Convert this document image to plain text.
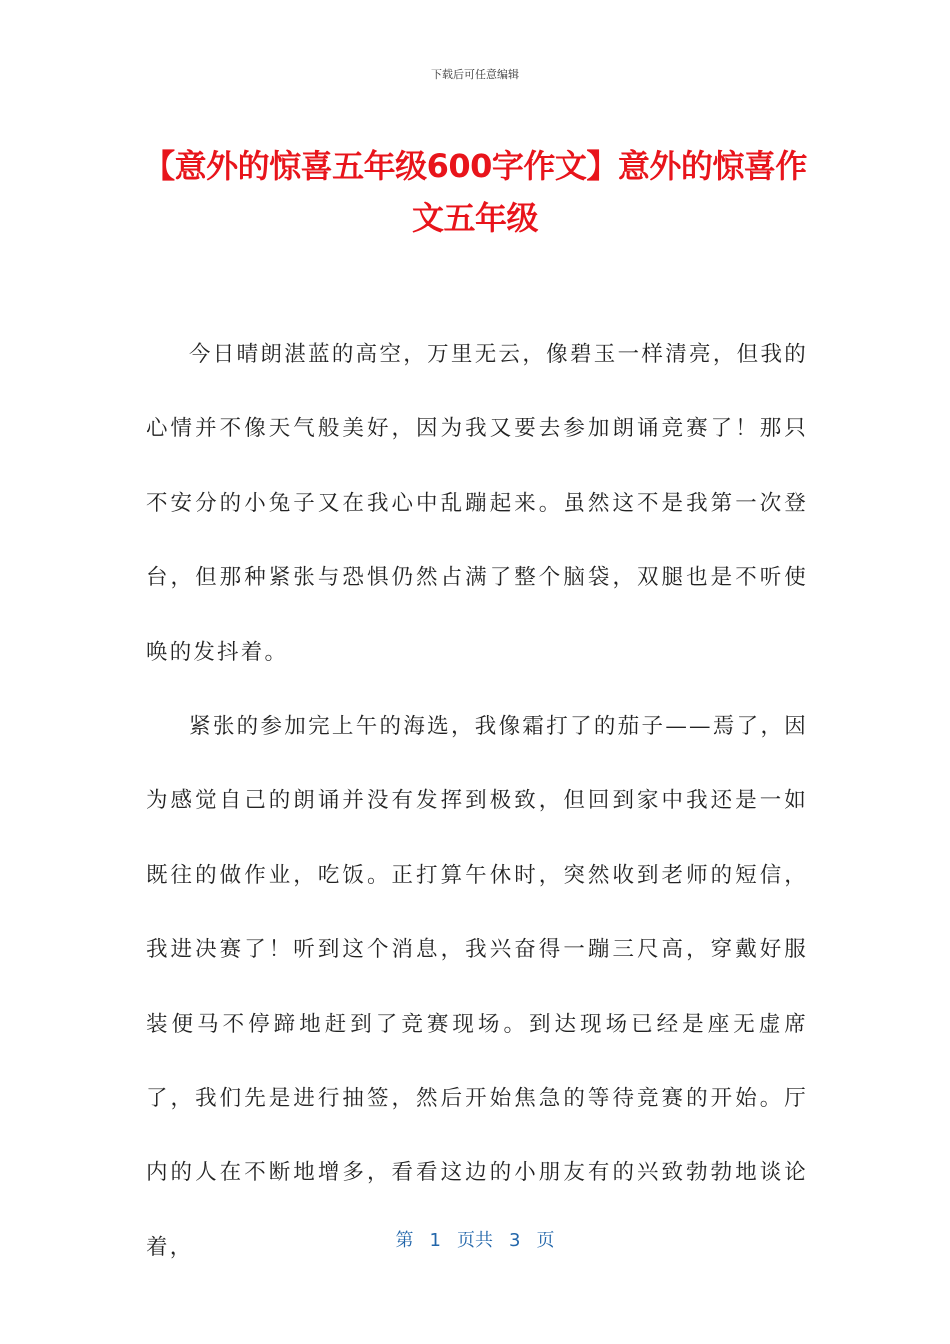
下载后可任意编辑
【意外的惊喜五年级600字作文】意外的惊喜作文五年级

今日晴朗湛蓝的高空，万里无云，像碧玉一样清亮，但我的心情并不像天气般美好，因为我又要去参加朗诵竞赛了！那只不安分的小兔子又在我心中乱蹦起来。虽然这不是我第一次登台，但那种紧张与恐惧仍然占满了整个脑袋，双腿也是不听使唤的发抖着。

紧张的参加完上午的海选，我像霜打了的茄子——焉了，因为感觉自己的朗诵并没有发挥到极致，但回到家中我还是一如既往的做作业，吃饭。正打算午休时，突然收到老师的短信，我进决赛了！听到这个消息，我兴奋得一蹦三尺高，穿戴好服装便马不停蹄地赶到了竞赛现场。到达现场已经是座无虚席了，我们先是进行抽签，然后开始焦急的等待竞赛的开始。厅内的人在不断地增多，看看这边的小朋友有的兴致勃勃地谈论着，	第 1 页共 3 页
